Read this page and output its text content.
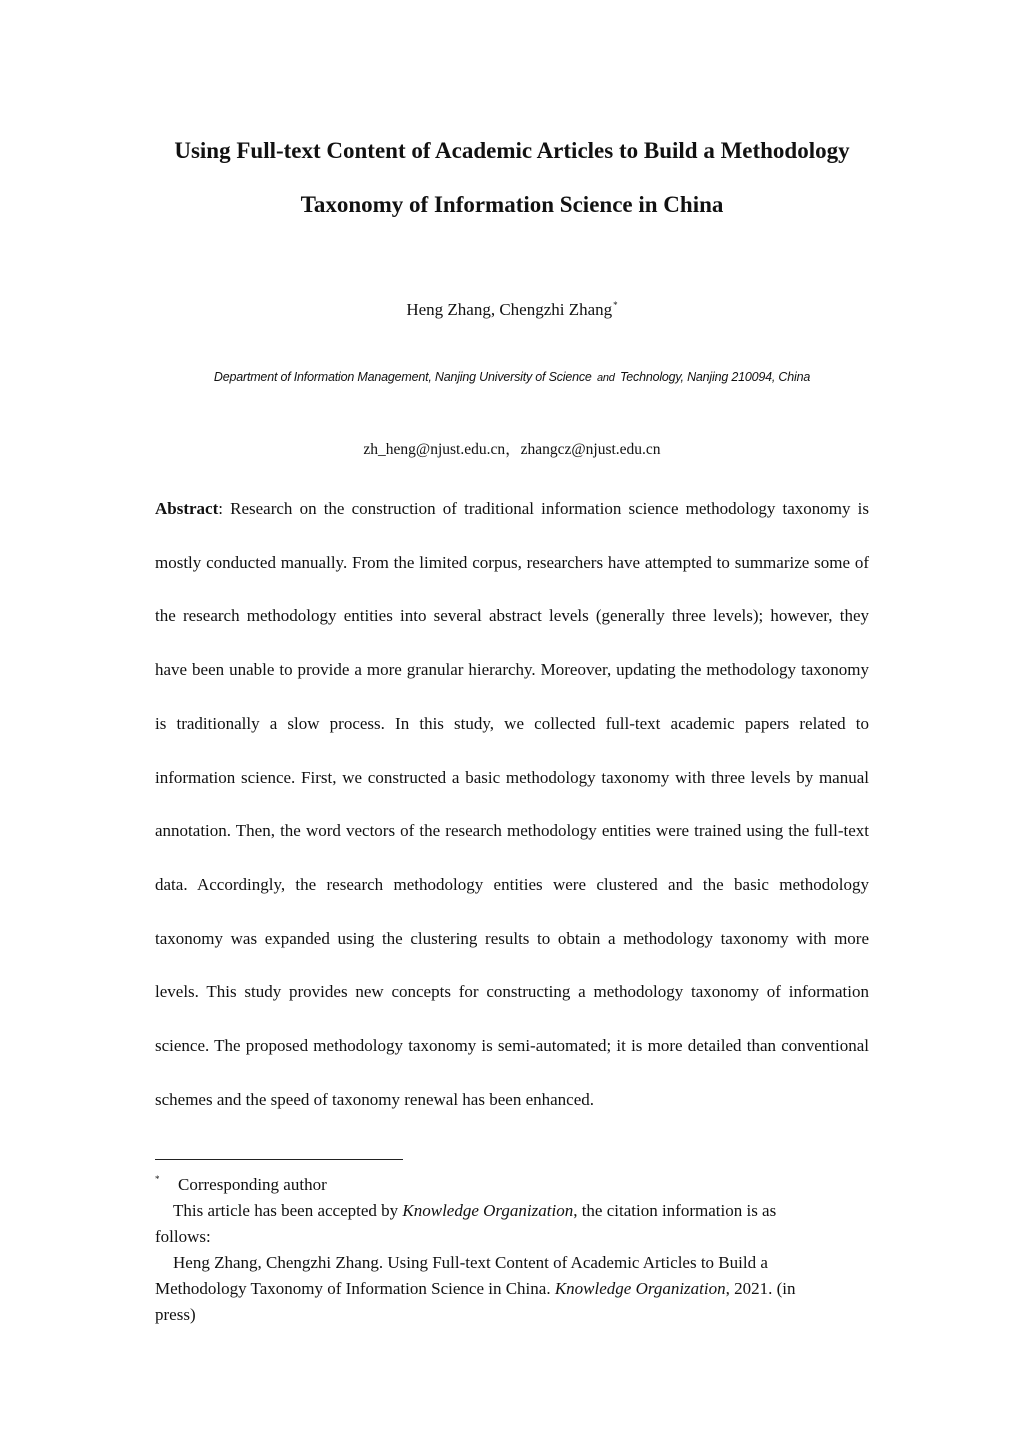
Using Full-text Content of Academic Articles to Build a Methodology
Taxonomy of Information Science in China
Heng Zhang, Chengzhi Zhang*
Department of Information Management, Nanjing University of Science and Technology, Nanjing 210094, China
zh_heng@njust.edu.cn，zhangcz@njust.edu.cn
Abstract: Research on the construction of traditional information science methodology taxonomy is mostly conducted manually. From the limited corpus, researchers have attempted to summarize some of the research methodology entities into several abstract levels (generally three levels); however, they have been unable to provide a more granular hierarchy. Moreover, updating the methodology taxonomy is traditionally a slow process. In this study, we collected full-text academic papers related to information science. First, we constructed a basic methodology taxonomy with three levels by manual annotation. Then, the word vectors of the research methodology entities were trained using the full-text data. Accordingly, the research methodology entities were clustered and the basic methodology taxonomy was expanded using the clustering results to obtain a methodology taxonomy with more levels. This study provides new concepts for constructing a methodology taxonomy of information science. The proposed methodology taxonomy is semi-automated; it is more detailed than conventional schemes and the speed of taxonomy renewal has been enhanced.

* Corresponding author

This article has been accepted by Knowledge Organization, the citation information is as follows:

Heng Zhang, Chengzhi Zhang. Using Full-text Content of Academic Articles to Build a Methodology Taxonomy of Information Science in China. Knowledge Organization, 2021. (in press)
